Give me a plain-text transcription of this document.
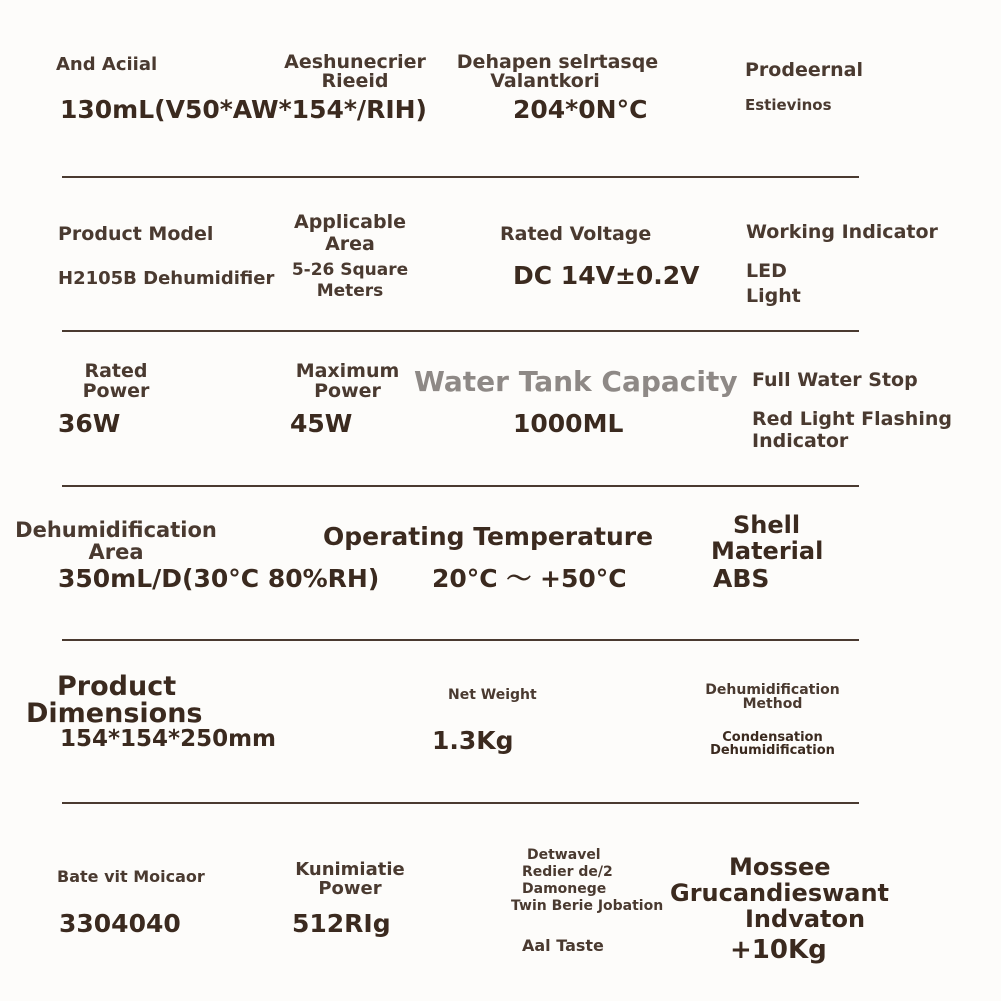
And Aciial
130mL(V50*AW*154*/RIH)
Aeshunecrier
Rieeid
Dehapen selrtasqe
Valantkori
204*0N°C
Prodeernal
Estievinos
Product Model
H2105B Dehumidifier
Applicable
Area
5-26 Square
Meters
Rated Voltage
DC 14V±0.2V
Working Indicator
LED
Light
Rated
Power
36W
Maximum
Power
45W
Water Tank Capacity
1000ML
Full Water Stop
Red Light Flashing
Indicator
Dehumidification
Area
350mL/D(30°C 80%RH)
Operating Temperature
20°C ～ +50°C
Shell
Material
ABS
Product
Dimensions
154*154*250mm
Net Weight
1.3Kg
Dehumidification
Method
Condensation
Dehumidification
Bate vit Moicaor
3304040
Kunimiatie
Power
512RIg
Detwavel
Redier de/2
Damonege
Twin Berie Jobation
Aal Taste
Mossee
Grucandieswant
Indvaton
+10Kg
